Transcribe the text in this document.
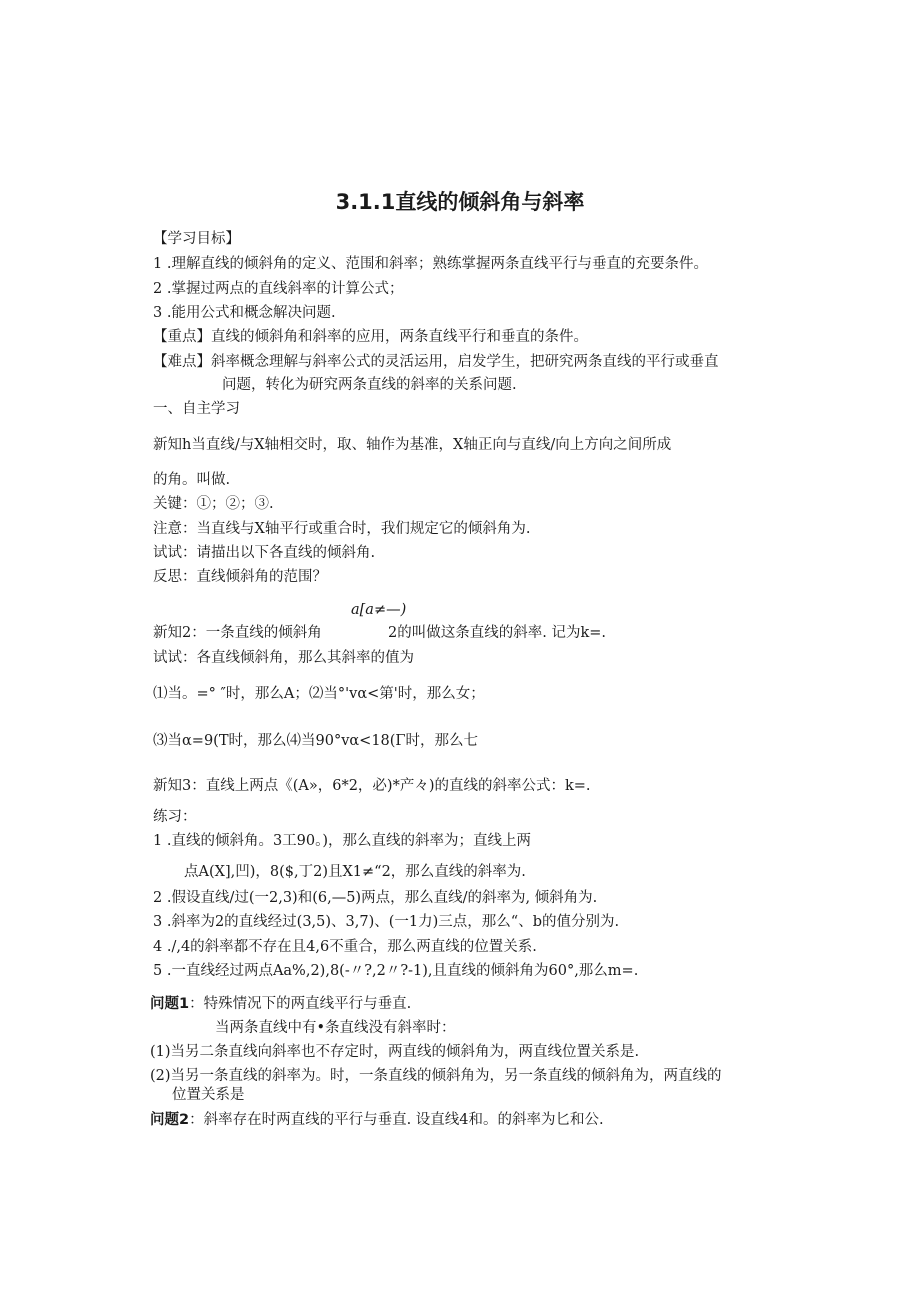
3.1.1直线的倾斜角与斜率
【学习目标】
1 .理解直线的倾斜角的定义、范围和斜率；熟练掌握两条直线平行与垂直的充要条件。
2 .掌握过两点的直线斜率的计算公式；
3 .能用公式和概念解决问题.
【重点】直线的倾斜角和斜率的应用，两条直线平行和垂直的条件。
【难点】斜率概念理解与斜率公式的灵活运用，启发学生，把研究两条直线的平行或垂直
问题，转化为研究两条直线的斜率的关系问题.
一、自主学习
新知h当直线/与X轴相交时，取、轴作为基准，X轴正向与直线/向上方向之间所成
的角。叫做.
关键：①；②；③.
注意：当直线与X轴平行或重合时，我们规定它的倾斜角为.
试试：请描出以下各直线的倾斜角.
反思：直线倾斜角的范围？
a[a≠—)
新知2：一条直线的倾斜角	2的叫做这条直线的斜率. 记为k=.
试试：各直线倾斜角，那么其斜率的值为
⑴当。=° ″时，那么A；⑵当°'vα<第'时，那么女；
⑶当α=9(T时，那么⑷当90°vα<18(Γ时，那么七
新知3：直线上两点《(A»，6*2，必)*产々)的直线的斜率公式：k=.
练习：
1 .直线的倾斜角。3工90。)，那么直线的斜率为；直线上两
点A(X],凹)，8($,丁2)且X1≠“2，那么直线的斜率为.
2 .假设直线/过(一2,3)和(6,—5)两点，那么直线/的斜率为, 倾斜角为.
3 .斜率为2的直线经过(3,5)、3,7)、(一1力)三点，那么“、b的值分别为.
4 ./,4的斜率都不存在且4,6不重合，那么两直线的位置关系.
5 .一直线经过两点Aa%,2),8(-〃?,2〃?-1),且直线的倾斜角为60°,那么m=.
问题1：特殊情况下的两直线平行与垂直.
当两条直线中有•条直线没有斜率时：
(1)当另二条直线向斜率也不存定时，两直线的倾斜角为，两直线位置关系是.
(2)当另一条直线的斜率为。时，一条直线的倾斜角为，另一条直线的倾斜角为，两直线的
位置关系是
问题2：斜率存在时两直线的平行与垂直. 设直线4和。的斜率为匕和公.
